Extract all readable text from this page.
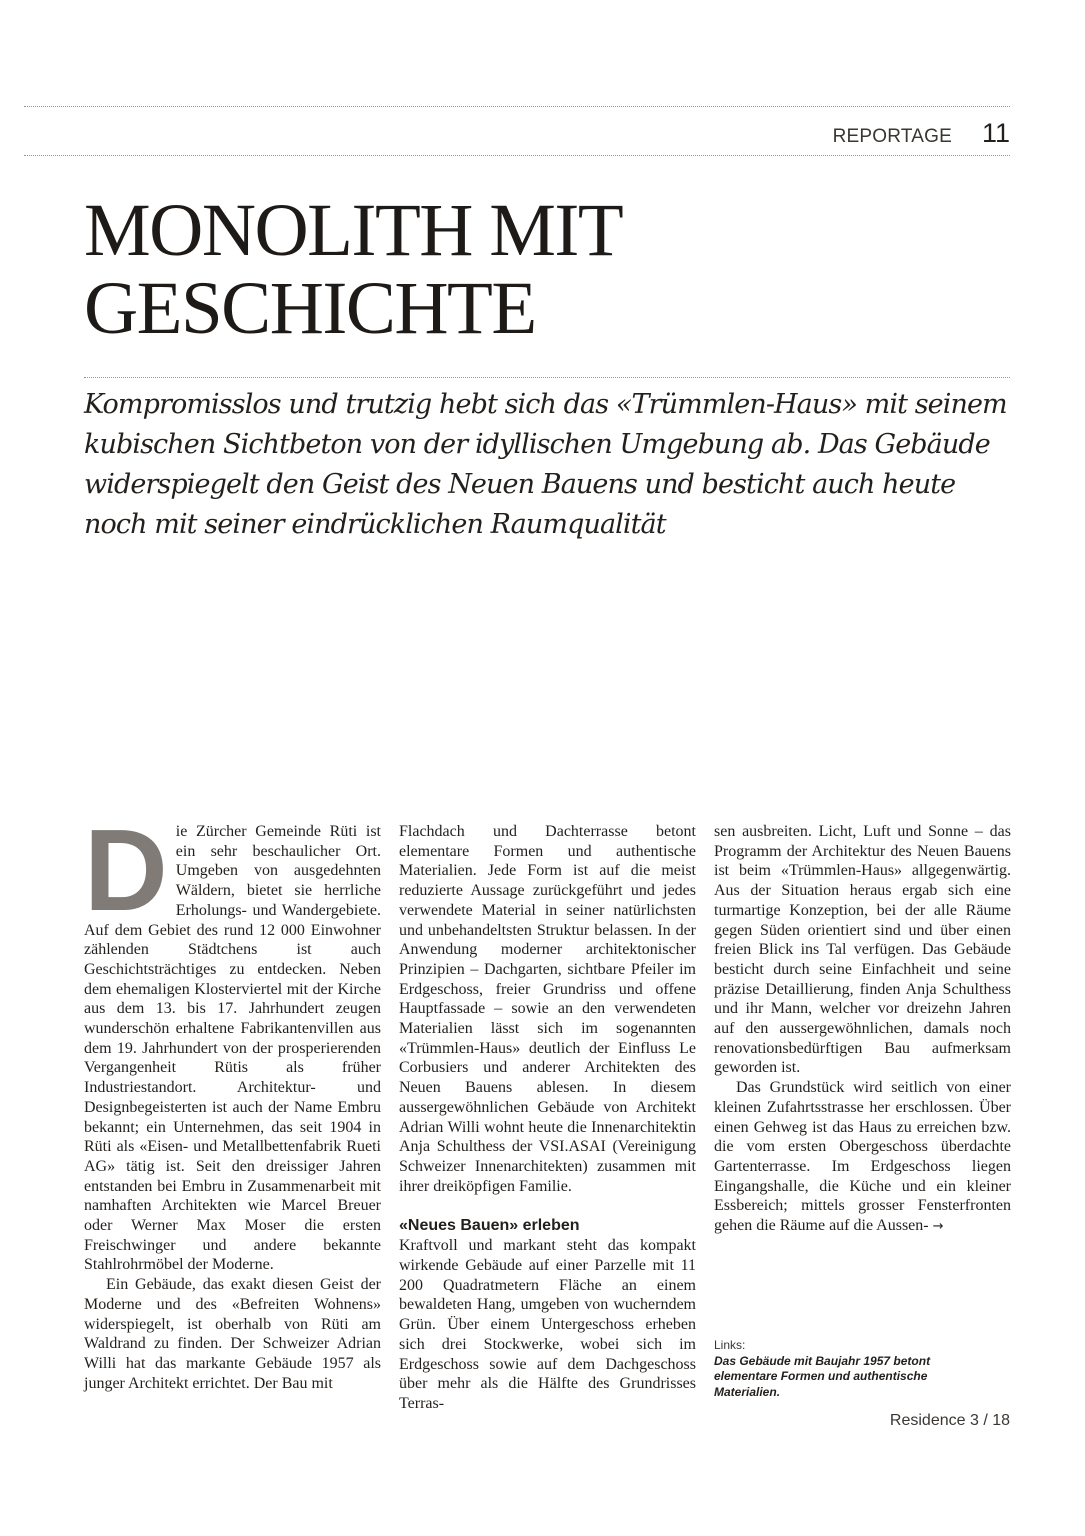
REPORTAGE 11
MONOLITH MIT
GESCHICHTE

Kompromisslos und trutzig hebt sich das «Trümmlen-Haus» mit seinem kubischen Sichtbeton von der idyllischen Umgebung ab. Das Gebäude widerspiegelt den Geist des Neuen Bauens und besticht auch heute noch mit seiner eindrücklichen Raumqualität

D ie Zürcher Gemeinde Rüti ist ein sehr beschaulicher Ort. Umgeben von ausgedehnten Wäldern, bietet sie herrliche Erholungs- und Wandergebiete. Auf dem Gebiet des rund 12 000 Einwohner zählenden Städtchens ist auch Geschichtsträchtiges zu entdecken. Neben dem ehemaligen Klosterviertel mit der Kirche aus dem 13. bis 17. Jahrhundert zeugen wunderschön erhaltene Fabrikantenvillen aus dem 19. Jahrhundert von der prosperierenden Vergangenheit Rütis als früher Industriestandort. Architektur- und Designbegeisterten ist auch der Name Embru bekannt; ein Unternehmen, das seit 1904 in Rüti als «Eisen- und Metallbettenfabrik Rueti AG» tätig ist. Seit den dreissiger Jahren entstanden bei Embru in Zusammenarbeit mit namhaften Architekten wie Marcel Breuer oder Werner Max Moser die ersten Freischwinger und andere bekannte Stahlrohrmöbel der Moderne.

Ein Gebäude, das exakt diesen Geist der Moderne und des «Befreiten Wohnens» widerspiegelt, ist oberhalb von Rüti am Waldrand zu finden. Der Schweizer Adrian Willi hat das markante Gebäude 1957 als junger Architekt errichtet. Der Bau mit

Flachdach und Dachterrasse betont elementare Formen und authentische Materialien. Jede Form ist auf die meist reduzierte Aussage zurückgeführt und jedes verwendete Material in seiner natürlichsten und unbehandeltsten Struktur belassen. In der Anwendung moderner architektonischer Prinzipien – Dachgarten, sichtbare Pfeiler im Erdgeschoss, freier Grundriss und offene Hauptfassade – sowie an den verwendeten Materialien lässt sich im sogenannten «Trümmlen-Haus» deutlich der Einfluss Le Corbusiers und anderer Architekten des Neuen Bauens ablesen. In diesem aussergewöhnlichen Gebäude von Architekt Adrian Willi wohnt heute die Innenarchitektin Anja Schulthess der VSI.ASAI (Vereinigung Schweizer Innenarchitekten) zusammen mit ihrer dreiköpfigen Familie.

«Neues Bauen» erleben

Kraftvoll und markant steht das kompakt wirkende Gebäude auf einer Parzelle mit 11 200 Quadratmetern Fläche an einem bewaldeten Hang, umgeben von wucherndem Grün. Über einem Untergeschoss erheben sich drei Stockwerke, wobei sich im Erdgeschoss sowie auf dem Dachgeschoss über mehr als die Hälfte des Grundrisses Terras-

sen ausbreiten. Licht, Luft und Sonne – das Programm der Architektur des Neuen Bauens ist beim «Trümmlen-Haus» allgegenwärtig. Aus der Situation heraus ergab sich eine turmartige Konzeption, bei der alle Räume gegen Süden orientiert sind und über einen freien Blick ins Tal verfügen. Das Gebäude besticht durch seine Einfachheit und seine präzise Detaillierung, finden Anja Schulthess und ihr Mann, welcher vor dreizehn Jahren auf den aussergewöhnlichen, damals noch renovationsbedürftigen Bau aufmerksam geworden ist.

Das Grundstück wird seitlich von einer kleinen Zufahrtsstrasse her erschlossen. Über einen Gehweg ist das Haus zu erreichen bzw. die vom ersten Obergeschoss überdachte Gartenterrasse. Im Erdgeschoss liegen Eingangshalle, die Küche und ein kleiner Essbereich; mittels grosser Fensterfronten gehen die Räume auf die Aussen- →

Links:
Das Gebäude mit Baujahr 1957 betont elementare Formen und authentische Materialien.
Residence 3 / 18
